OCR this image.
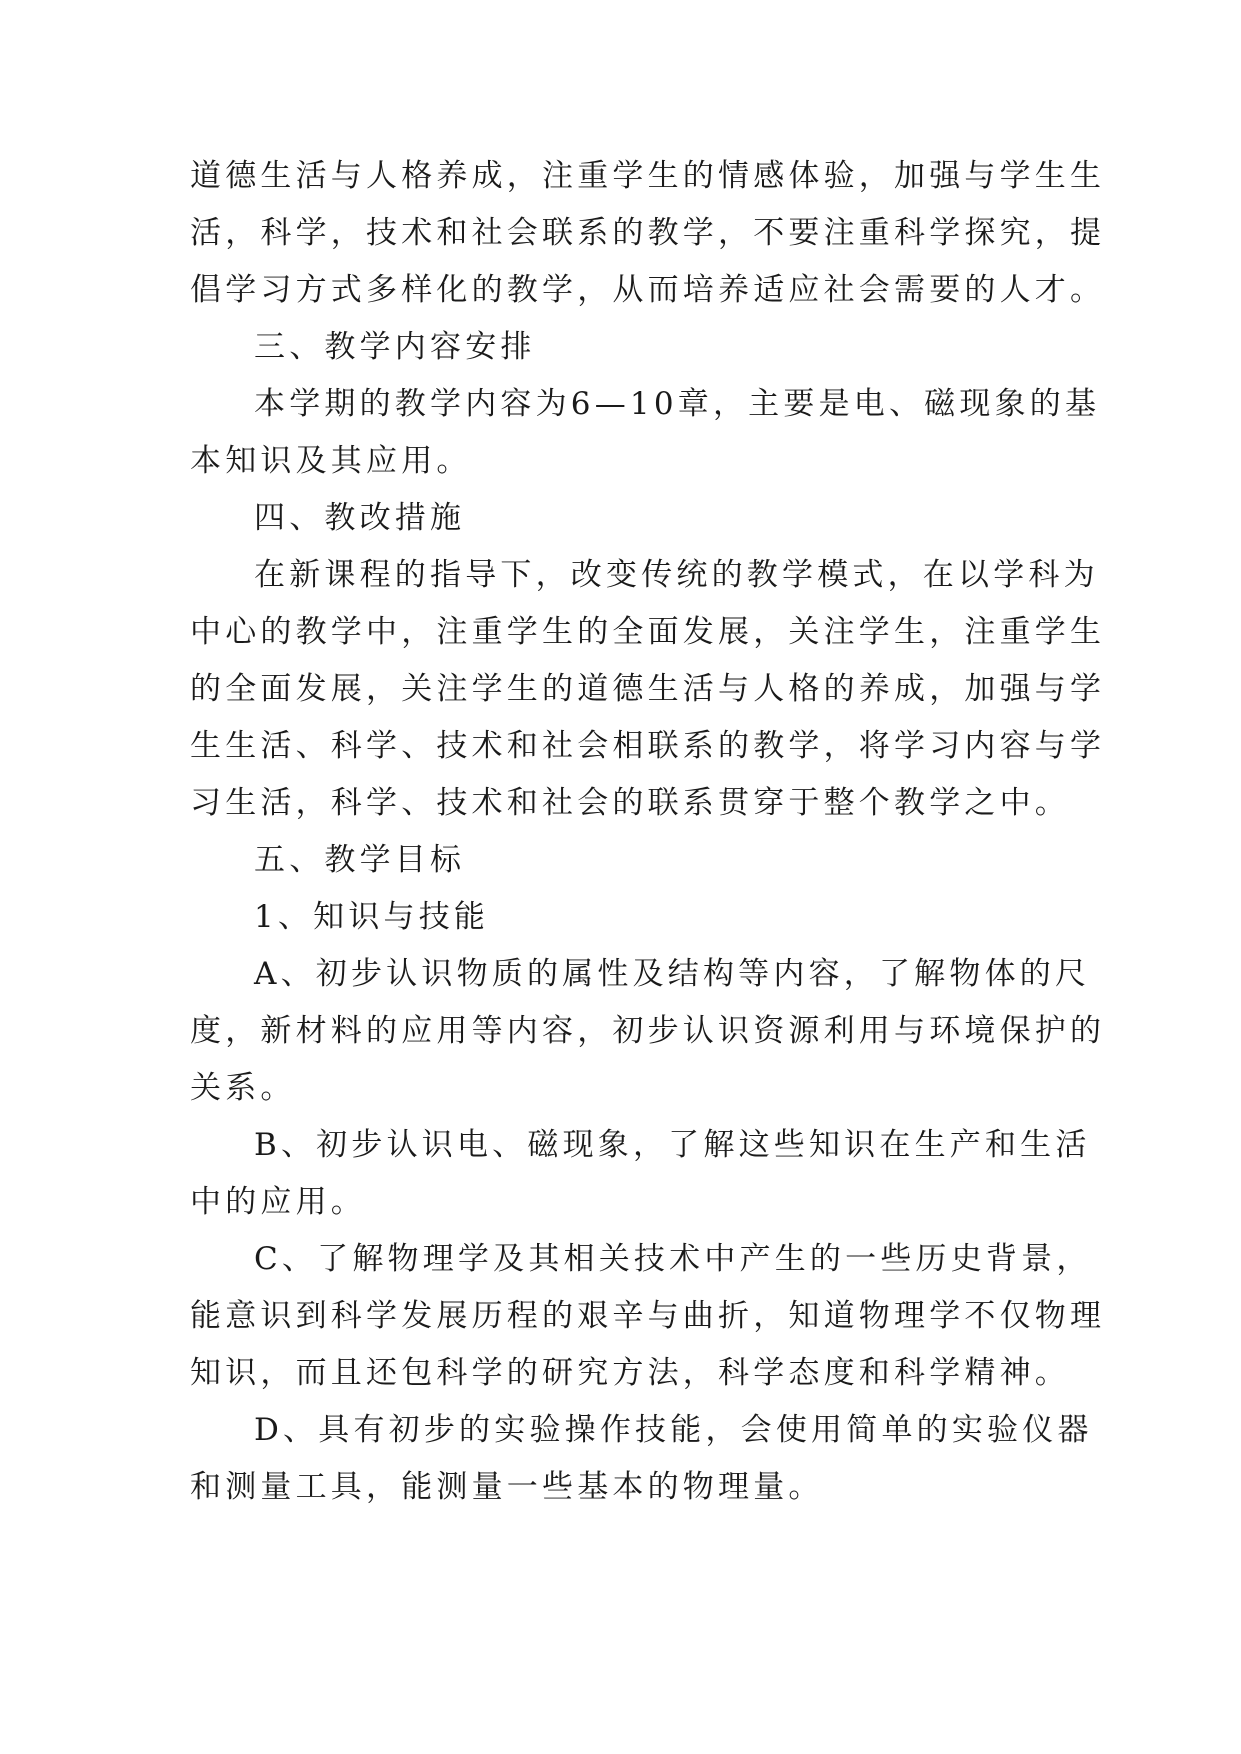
道德生活与人格养成，注重学生的情感体验，加强与学生生
活，科学，技术和社会联系的教学，不要注重科学探究，提
倡学习方式多样化的教学，从而培养适应社会需要的人才。
三、教学内容安排
本学期的教学内容为6—10章，主要是电、磁现象的基
本知识及其应用。
四、教改措施
在新课程的指导下，改变传统的教学模式，在以学科为
中心的教学中，注重学生的全面发展，关注学生，注重学生
的全面发展，关注学生的道德生活与人格的养成，加强与学
生生活、科学、技术和社会相联系的教学，将学习内容与学
习生活，科学、技术和社会的联系贯穿于整个教学之中。
五、教学目标
1、知识与技能
A、初步认识物质的属性及结构等内容，了解物体的尺
度，新材料的应用等内容，初步认识资源利用与环境保护的
关系。
B、初步认识电、磁现象，了解这些知识在生产和生活
中的应用。
C、了解物理学及其相关技术中产生的一些历史背景，
能意识到科学发展历程的艰辛与曲折，知道物理学不仅物理
知识，而且还包科学的研究方法，科学态度和科学精神。
D、具有初步的实验操作技能，会使用简单的实验仪器
和测量工具，能测量一些基本的物理量。
